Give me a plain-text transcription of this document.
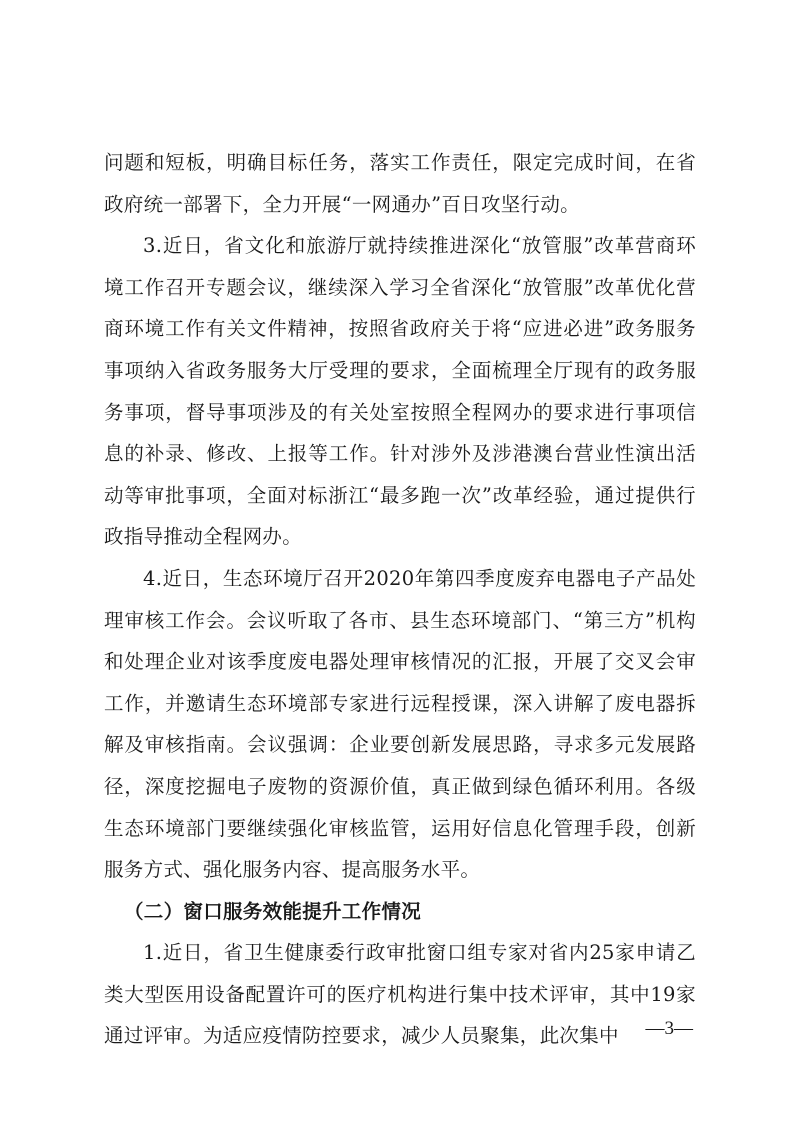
问题和短板，明确目标任务，落实工作责任，限定完成时间，在省政府统一部署下，全力开展“一网通办”百日攻坚行动。

3.近日，省文化和旅游厅就持续推进深化“放管服”改革营商环境工作召开专题会议，继续深入学习全省深化“放管服”改革优化营商环境工作有关文件精神，按照省政府关于将“应进必进”政务服务事项纳入省政务服务大厅受理的要求，全面梳理全厅现有的政务服务事项，督导事项涉及的有关处室按照全程网办的要求进行事项信息的补录、修改、上报等工作。针对涉外及涉港澳台营业性演出活动等审批事项，全面对标浙江“最多跑一次”改革经验，通过提供行政指导推动全程网办。

4.近日，生态环境厅召开2020年第四季度废弃电器电子产品处理审核工作会。会议听取了各市、县生态环境部门、“第三方”机构和处理企业对该季度废电器处理审核情况的汇报，开展了交叉会审工作，并邀请生态环境部专家进行远程授课，深入讲解了废电器拆解及审核指南。会议强调：企业要创新发展思路，寻求多元发展路径，深度挖掘电子废物的资源价值，真正做到绿色循环利用。各级生态环境部门要继续强化审核监管，运用好信息化管理手段，创新服务方式、强化服务内容、提高服务水平。

（二）窗口服务效能提升工作情况

1.近日，省卫生健康委行政审批窗口组专家对省内25家申请乙类大型医用设备配置许可的医疗机构进行集中技术评审，其中19家通过评审。为适应疫情防控要求，减少人员聚集，此次集中	—3—
